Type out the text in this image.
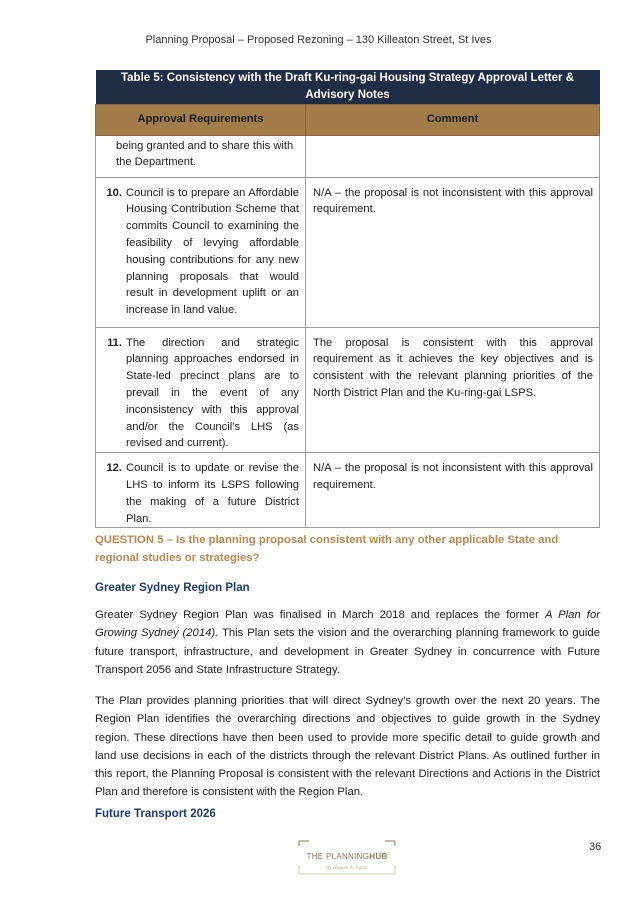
Planning Proposal – Proposed Rezoning – 130 Killeaton Street, St Ives
Table 5: Consistency with the Draft Ku-ring-gai Housing Strategy Approval Letter & Advisory Notes	
Approval Requirements	Comment

being granted and to share this with the Department.	

10. Council is to prepare an Affordable Housing Contribution Scheme that commits Council to examining the feasibility of levying affordable housing contributions for any new planning proposals that would result in development uplift or an increase in land value.	N/A – the proposal is not inconsistent with this approval requirement.

11. The direction and strategic planning approaches endorsed in State-led precinct plans are to prevail in the event of any inconsistency with this approval and/or the Council’s LHS (as revised and current).	The proposal is consistent with this approval requirement as it achieves the key objectives and is consistent with the relevant planning priorities of the North District Plan and the Ku-ring-gai LSPS.

12. Council is to update or revise the LHS to inform its LSPS following the making of a future District Plan.	N/A – the proposal is not inconsistent with this approval requirement.
QUESTION 5 – Is the planning proposal consistent with any other applicable State and regional studies or strategies?
Greater Sydney Region Plan
Greater Sydney Region Plan was finalised in March 2018 and replaces the former A Plan for Growing Sydney (2014). This Plan sets the vision and the overarching planning framework to guide future transport, infrastructure, and development in Greater Sydney in concurrence with Future Transport 2056 and State Infrastructure Strategy.
The Plan provides planning priorities that will direct Sydney’s growth over the next 20 years. The Region Plan identifies the overarching directions and objectives to guide growth in the Sydney region. These directions have then been used to provide more specific detail to guide growth and land use decisions in each of the districts through the relevant District Plans. As outlined further in this report, the Planning Proposal is consistent with the relevant Directions and Actions in the District Plan and therefore is consistent with the Region Plan.
Future Transport 2026
36
THE PLANNINGHUB
by Hawes & Swan
